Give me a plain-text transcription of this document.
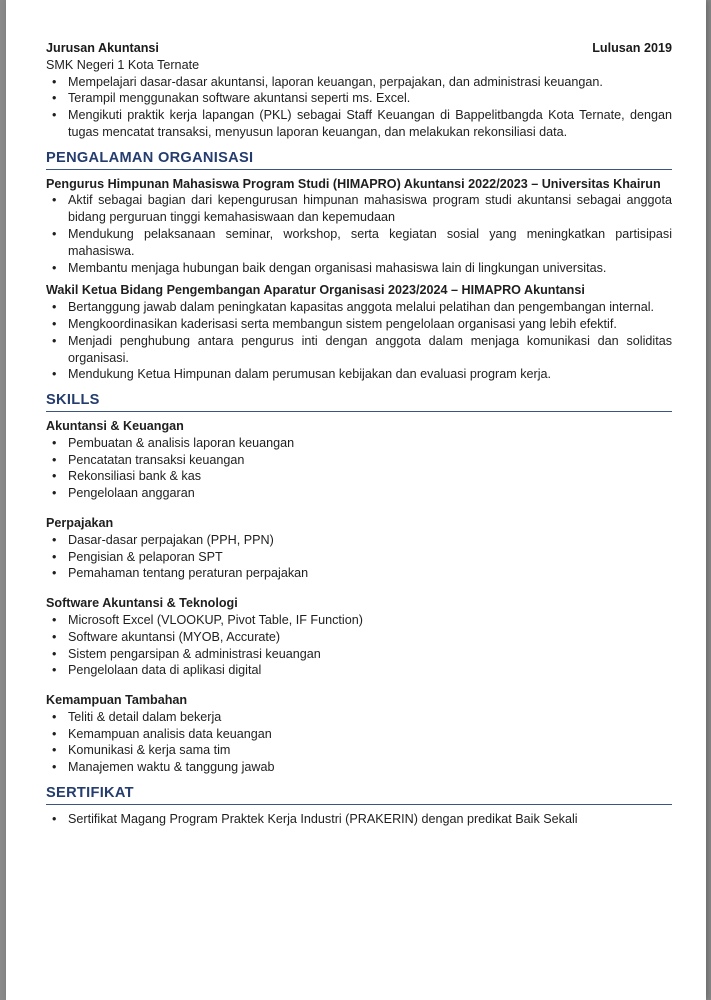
Jurusan Akuntansi	Lulusan 2019
SMK Negeri 1 Kota Ternate
• Mempelajari dasar-dasar akuntansi, laporan keuangan, perpajakan, dan administrasi keuangan.
• Terampil menggunakan software akuntansi seperti ms. Excel.
• Mengikuti praktik kerja lapangan (PKL) sebagai Staff Keuangan di Bappelitbangda Kota Ternate, dengan tugas mencatat transaksi, menyusun laporan keuangan, dan melakukan rekonsiliasi data.
PENGALAMAN ORGANISASI
Pengurus Himpunan Mahasiswa Program Studi (HIMAPRO) Akuntansi 2022/2023 – Universitas Khairun
• Aktif sebagai bagian dari kepengurusan himpunan mahasiswa program studi akuntansi sebagai anggota bidang perguruan tinggi kemahasiswaan dan kepemudaan
• Mendukung pelaksanaan seminar, workshop, serta kegiatan sosial yang meningkatkan partisipasi mahasiswa.
• Membantu menjaga hubungan baik dengan organisasi mahasiswa lain di lingkungan universitas.
Wakil Ketua Bidang Pengembangan Aparatur Organisasi 2023/2024 – HIMAPRO Akuntansi
• Bertanggung jawab dalam peningkatan kapasitas anggota melalui pelatihan dan pengembangan internal.
• Mengkoordinasikan kaderisasi serta membangun sistem pengelolaan organisasi yang lebih efektif.
• Menjadi penghubung antara pengurus inti dengan anggota dalam menjaga komunikasi dan soliditas organisasi.
• Mendukung Ketua Himpunan dalam perumusan kebijakan dan evaluasi program kerja.
SKILLS
Akuntansi & Keuangan
• Pembuatan & analisis laporan keuangan
• Pencatatan transaksi keuangan
• Rekonsiliasi bank & kas
• Pengelolaan anggaran
Perpajakan
• Dasar-dasar perpajakan (PPH, PPN)
• Pengisian & pelaporan SPT
• Pemahaman tentang peraturan perpajakan
Software Akuntansi & Teknologi
• Microsoft Excel (VLOOKUP, Pivot Table, IF Function)
• Software akuntansi (MYOB, Accurate)
• Sistem pengarsipan & administrasi keuangan
• Pengelolaan data di aplikasi digital
Kemampuan Tambahan
• Teliti & detail dalam bekerja
• Kemampuan analisis data keuangan
• Komunikasi & kerja sama tim
• Manajemen waktu & tanggung jawab
SERTIFIKAT
• Sertifikat Magang Program Praktek Kerja Industri (PRAKERIN) dengan predikat Baik Sekali
